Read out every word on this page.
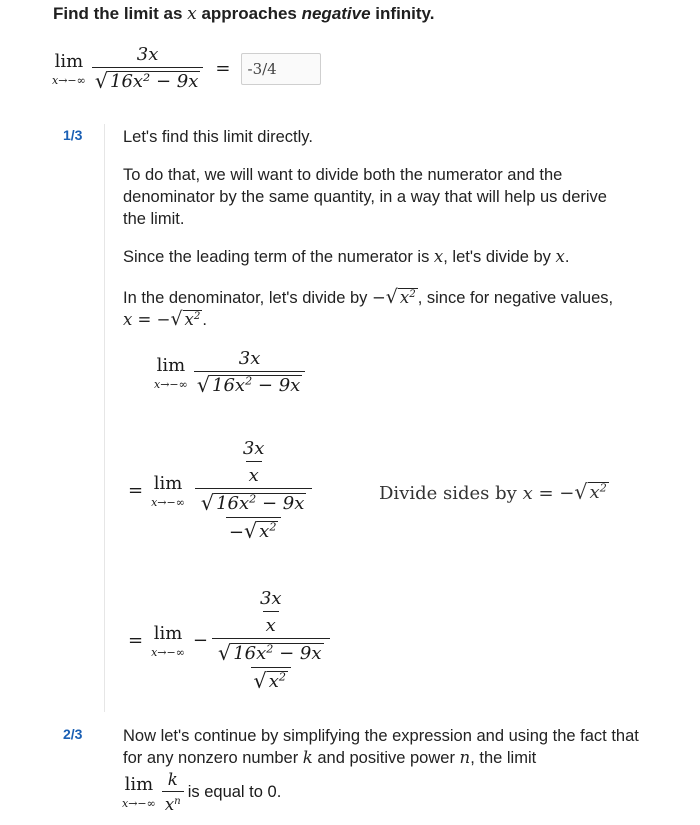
Find the limit as x approaches negative infinity.
lim
$x\to-\infty \frac{3x}{\text{√ 16x² − 9x}}$ =	-3/4
1/3 Let's find this limit directly.
To do that, we will want to divide both the numerator and the denominator by the same quantity, in a way that will help us derive the limit.
Since the leading term of the numerator is x, let's divide by x.
In the denominator, let's divide by − √ $x^2$ , since for negative values, x = − √ $x^2$ .
lim
$x\to-\infty \frac{3x}{√ 16x^2 - 9x}$
= lim
$x\to-\infty \frac{\frac{3x}{x}}{\frac{√ 16x^2 - 9x}{- √ x^2}}$	Divide sides by x = − √ $x^2$
= lim
x→−∞
− $\frac{\frac{3x}{x}}{\frac{√ 16x^2 - 9x}{√ x^2}}$
2/3 Now let's continue by simplifying the expression and using the fact that for any nonzero number k and positive power n, the limit
lim
$x\to-\infty \frac{k}{x^n}$ is equal to 0.
